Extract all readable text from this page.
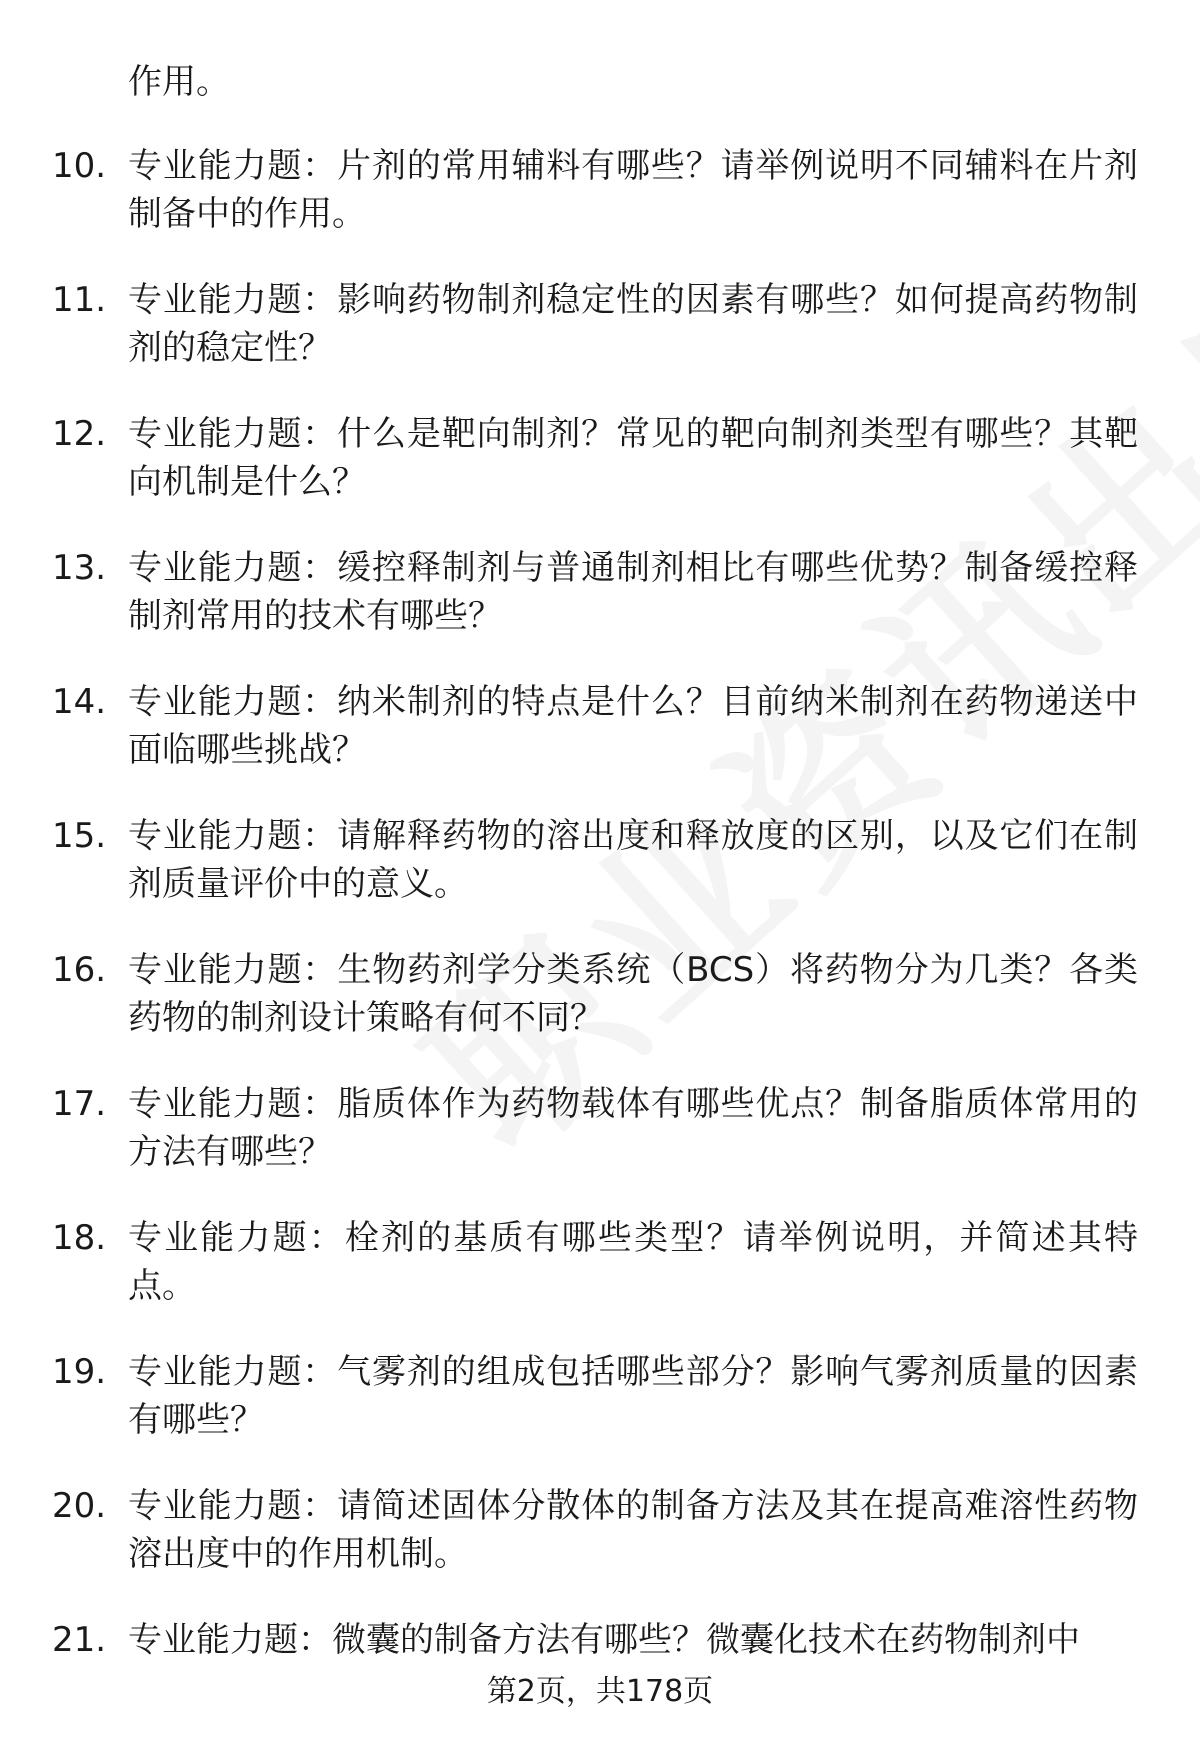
作用。
10. 专业能力题：片剂的常用辅料有哪些？请举例说明不同辅料在片剂制备中的作用。
11. 专业能力题：影响药物制剂稳定性的因素有哪些？如何提高药物制剂的稳定性？
12. 专业能力题：什么是靶向制剂？常见的靶向制剂类型有哪些？其靶向机制是什么？
13. 专业能力题：缓控释制剂与普通制剂相比有哪些优势？制备缓控释制剂常用的技术有哪些？
14. 专业能力题：纳米制剂的特点是什么？目前纳米制剂在药物递送中面临哪些挑战？
15. 专业能力题：请解释药物的溶出度和释放度的区别，以及它们在制剂质量评价中的意义。
16. 专业能力题：生物药剂学分类系统（BCS）将药物分为几类？各类药物的制剂设计策略有何不同？
17. 专业能力题：脂质体作为药物载体有哪些优点？制备脂质体常用的方法有哪些？
18. 专业能力题：栓剂的基质有哪些类型？请举例说明，并简述其特点。
19. 专业能力题：气雾剂的组成包括哪些部分？影响气雾剂质量的因素有哪些？
20. 专业能力题：请简述固体分散体的制备方法及其在提高难溶性药物溶出度中的作用机制。
21. 专业能力题：微囊的制备方法有哪些？微囊化技术在药物制剂中
第2页，共178页
